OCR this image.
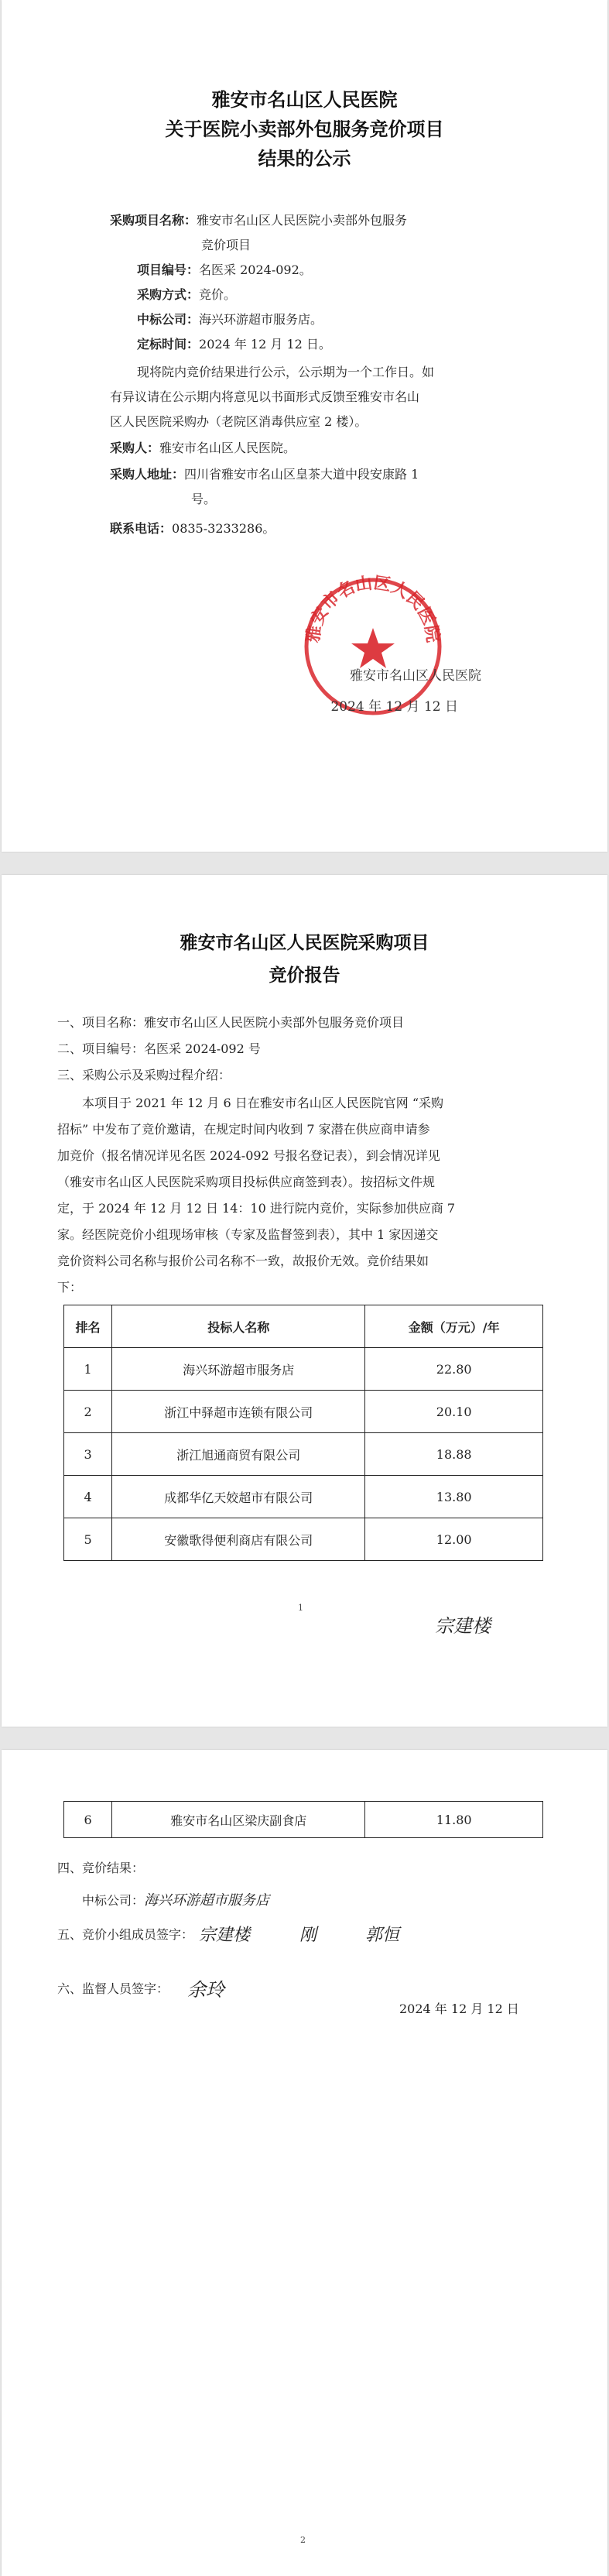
雅安市名山区人民医院
关于医院小卖部外包服务竞价项目
结果的公示
采购项目名称：雅安市名山区人民医院小卖部外包服务
竞价项目
项目编号：名医采 2024-092。
采购方式：竞价。
中标公司：海兴环游超市服务店。
定标时间：2024 年 12 月 12 日。
现将院内竞价结果进行公示，公示期为一个工作日。如
有异议请在公示期内将意见以书面形式反馈至雅安市名山
区人民医院采购办（老院区消毒供应室 2 楼）。
采购人：雅安市名山区人民医院。
采购人地址：四川省雅安市名山区皇茶大道中段安康路 1
号。
联系电话：0835-3233286。
雅安市名山区人民医院
雅安市名山区人民医院
2024 年 12 月 12 日
雅安市名山区人民医院采购项目
竞价报告
一、项目名称：雅安市名山区人民医院小卖部外包服务竞价项目
二、项目编号：名医采 2024-092 号
三、采购公示及采购过程介绍：
本项目于 2021 年 12 月 6 日在雅安市名山区人民医院官网 “采购
招标” 中发布了竞价邀请，在规定时间内收到 7 家潜在供应商申请参
加竞价（报名情况详见名医 2024-092 号报名登记表），到会情况详见
（雅安市名山区人民医院采购项目投标供应商签到表）。按招标文件规
定，于 2024 年 12 月 12 日 14：10 进行院内竞价，实际参加供应商 7
家。经医院竞价小组现场审核（专家及监督签到表），其中 1 家因递交
竞价资料公司名称与报价公司名称不一致，故报价无效。竞价结果如
下：
排名	投标人名称	金额（万元）/年
1	海兴环游超市服务店	22.80
2	浙江中驿超市连锁有限公司	20.10
3	浙江旭通商贸有限公司	18.88
4	成都华亿天姣超市有限公司	13.80
5	安徽歌得便利商店有限公司	12.00
1
宗建楼
6	雅安市名山区梁庆副食店	11.80
四、竞价结果：
中标公司：海兴环游超市服务店
五、竞价小组成员签字： 宗建楼	刚	郭恒
六、监督人员签字： 余玲
2024 年 12 月 12 日
2
